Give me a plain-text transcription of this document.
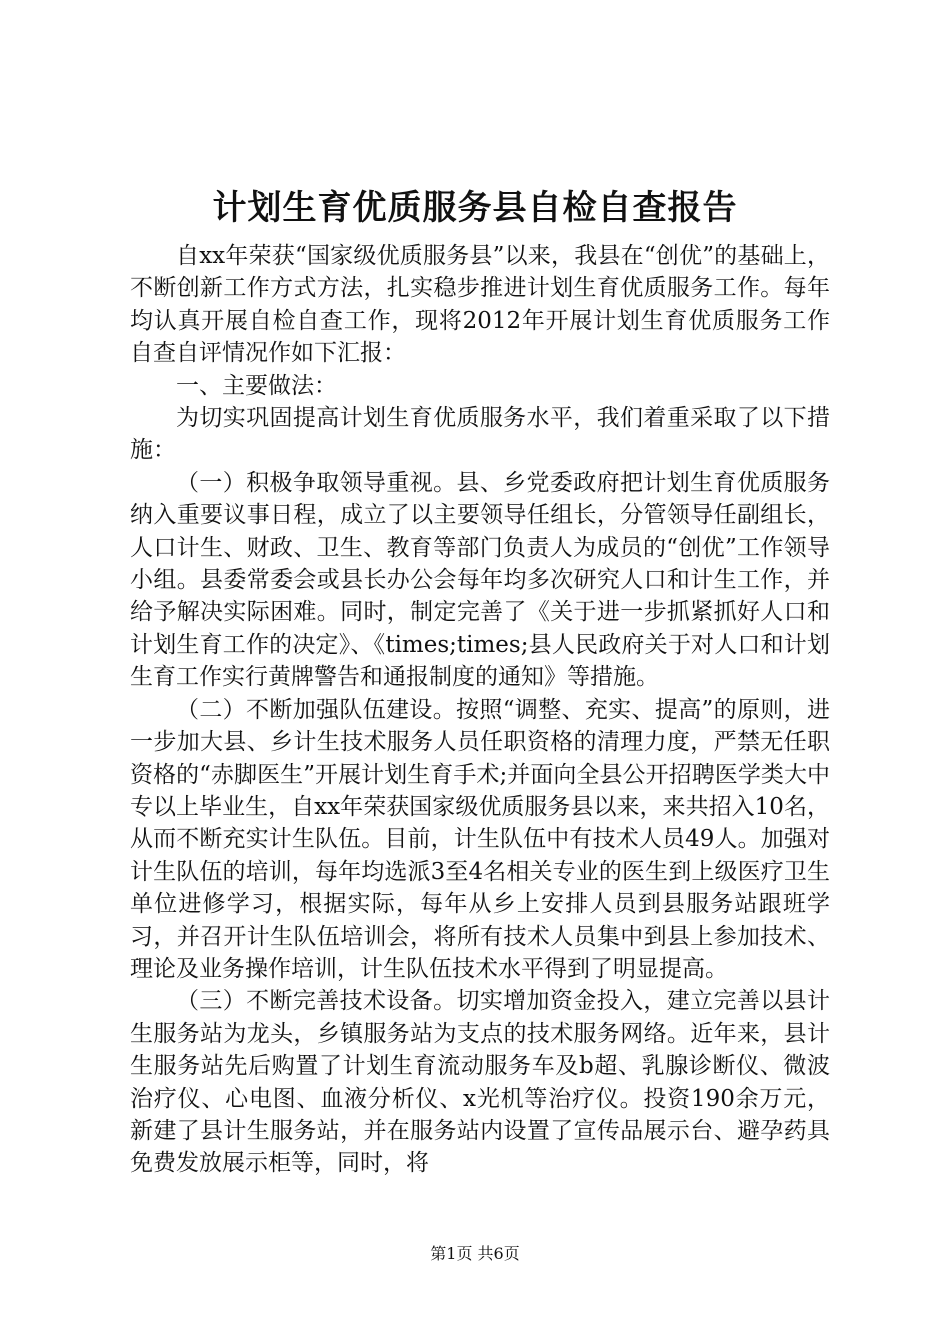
计划生育优质服务县自检自查报告

自xx年荣获“国家级优质服务县”以来，我县在“创优”的基础上，不断创新工作方式方法，扎实稳步推进计划生育优质服务工作。每年均认真开展自检自查工作，现将2012年开展计划生育优质服务工作自查自评情况作如下汇报：

一、主要做法：

为切实巩固提高计划生育优质服务水平，我们着重采取了以下措施：

（一）积极争取领导重视。县、乡党委政府把计划生育优质服务纳入重要议事日程，成立了以主要领导任组长，分管领导任副组长，人口计生、财政、卫生、教育等部门负责人为成员的“创优”工作领导小组。县委常委会或县长办公会每年均多次研究人口和计生工作，并给予解决实际困难。同时，制定完善了《关于进一步抓紧抓好人口和计划生育工作的决定》、《times;times;县人民政府关于对人口和计划生育工作实行黄牌警告和通报制度的通知》等措施。

（二）不断加强队伍建设。按照“调整、充实、提高”的原则，进一步加大县、乡计生技术服务人员任职资格的清理力度，严禁无任职资格的“赤脚医生”开展计划生育手术;并面向全县公开招聘医学类大中专以上毕业生，自xx年荣获国家级优质服务县以来，来共招入10名，从而不断充实计生队伍。目前，计生队伍中有技术人员49人。加强对计生队伍的培训，每年均选派3至4名相关专业的医生到上级医疗卫生单位进修学习，根据实际，每年从乡上安排人员到县服务站跟班学习，并召开计生队伍培训会，将所有技术人员集中到县上参加技术、理论及业务操作培训，计生队伍技术水平得到了明显提高。

（三）不断完善技术设备。切实增加资金投入，建立完善以县计生服务站为龙头，乡镇服务站为支点的技术服务网络。近年来，县计生服务站先后购置了计划生育流动服务车及b超、乳腺诊断仪、微波治疗仪、心电图、血液分析仪、x光机等治疗仪。投资190余万元，新建了县计生服务站，并在服务站内设置了宣传品展示台、避孕药具免费发放展示柜等，同时，将

第1页 共6页
